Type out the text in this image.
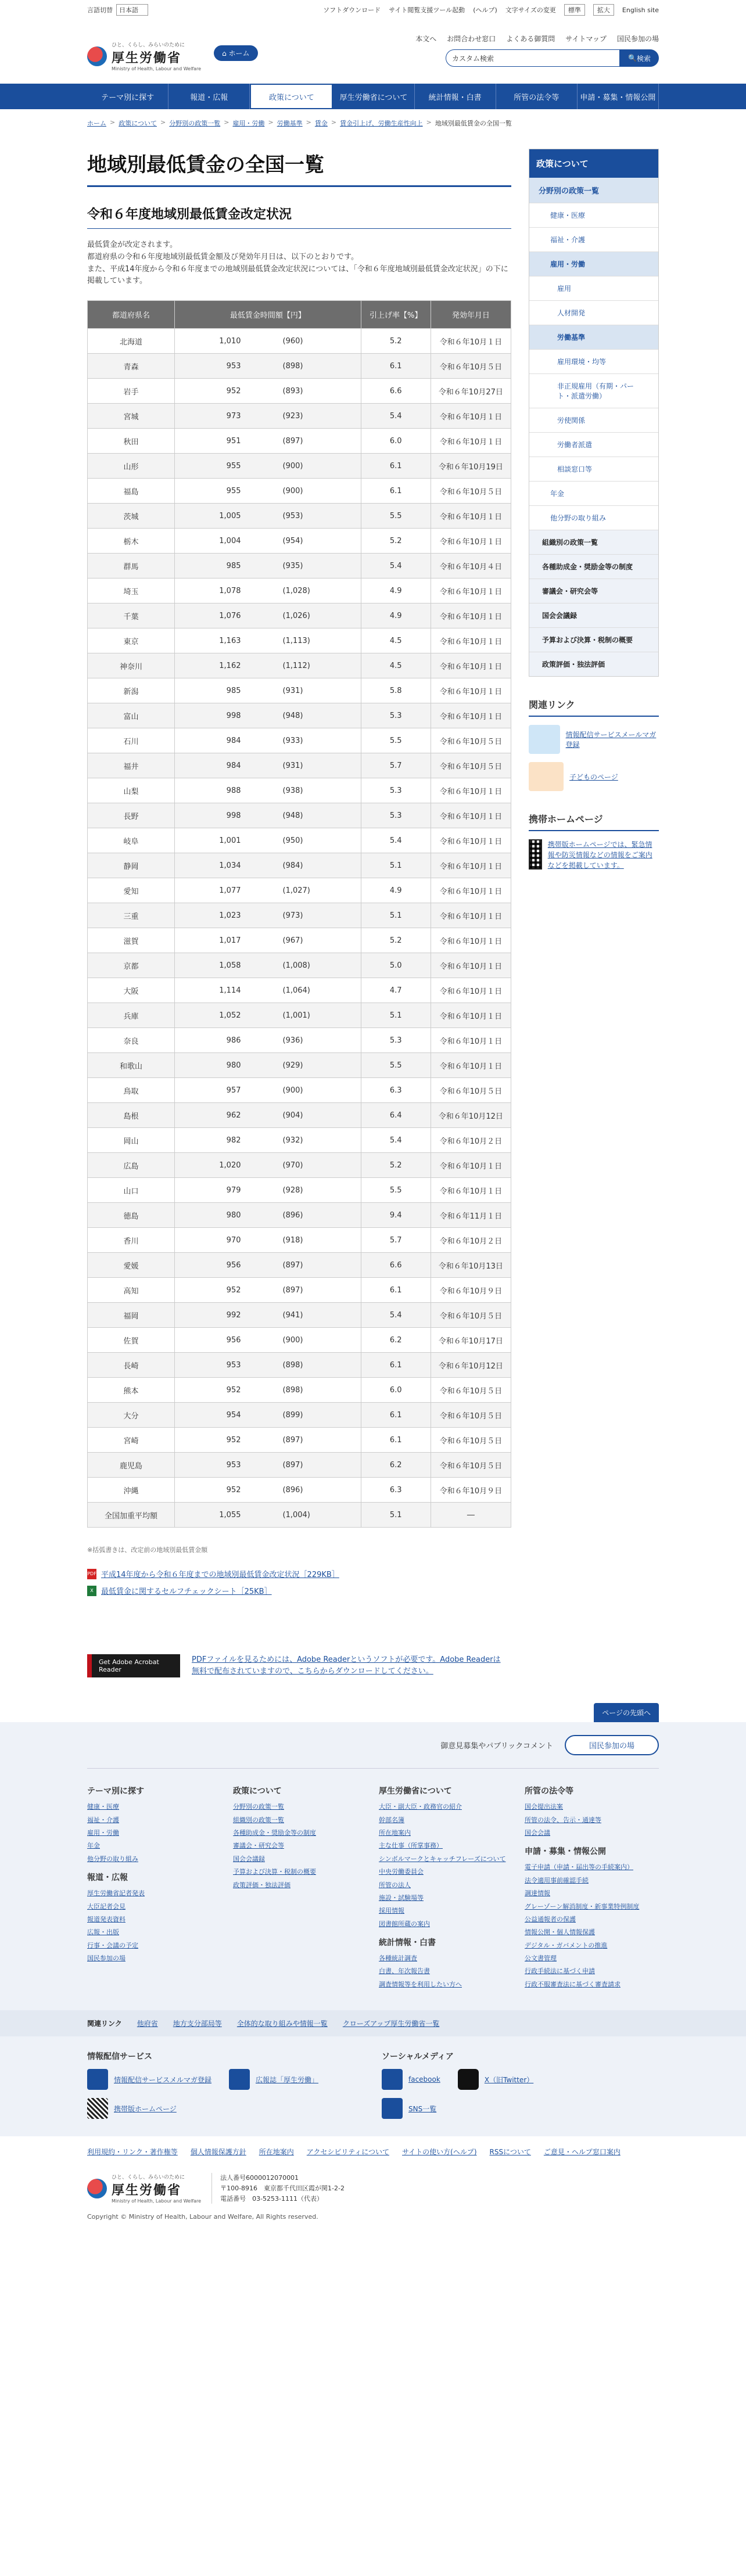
言語切替	日本語	ソフトダウンロード サイト閲覧支援ツール起動 (ヘルプ) 文字サイズの変更	標準	拡大	English site
ひと、くらし、みらいのために
厚生労働省
Ministry of Health, Labour and Welfare
⌂ ホーム
本文へ お問合わせ窓口 よくある御質問 サイトマップ 国民参加の場
カスタム検索	🔍 検索
テーマ別に探す	報道・広報	政策について	厚生労働省について	統計情報・白書	所管の法令等	申請・募集・情報公開
ホーム > 政策について > 分野別の政策一覧 > 雇用・労働 > 労働基準 > 賃金 > 賃金引上げ、労働生産性向上 > 地域別最低賃金の全国一覧
地域別最低賃金の全国一覧
令和６年度地域別最低賃金改定状況

最低賃金が改定されます。

都道府県の令和６年度地域別最低賃金額及び発効年月日は、以下のとおりです。

また、平成14年度から令和６年度までの地域別最低賃金改定状況については、「令和６年度地域別最低賃金改定状況」の下に掲載しています。

都道府県名	最低賃金時間額【円】		引上げ率【%】	発効年月日
北海道	1,010	(960)	5.2	令和６年10月１日
青森	953	(898)	6.1	令和６年10月５日
岩手	952	(893)	6.6	令和６年10月27日
宮城	973	(923)	5.4	令和６年10月１日
秋田	951	(897)	6.0	令和６年10月１日
山形	955	(900)	6.1	令和６年10月19日
福島	955	(900)	6.1	令和６年10月５日
茨城	1,005	(953)	5.5	令和６年10月１日
栃木	1,004	(954)	5.2	令和６年10月１日
群馬	985	(935)	5.4	令和６年10月４日
埼玉	1,078	(1,028)	4.9	令和６年10月１日
千葉	1,076	(1,026)	4.9	令和６年10月１日
東京	1,163	(1,113)	4.5	令和６年10月１日
神奈川	1,162	(1,112)	4.5	令和６年10月１日
新潟	985	(931)	5.8	令和６年10月１日
富山	998	(948)	5.3	令和６年10月１日
石川	984	(933)	5.5	令和６年10月５日
福井	984	(931)	5.7	令和６年10月５日
山梨	988	(938)	5.3	令和６年10月１日
長野	998	(948)	5.3	令和６年10月１日
岐阜	1,001	(950)	5.4	令和６年10月１日
静岡	1,034	(984)	5.1	令和６年10月１日
愛知	1,077	(1,027)	4.9	令和６年10月１日
三重	1,023	(973)	5.1	令和６年10月１日
滋賀	1,017	(967)	5.2	令和６年10月１日
京都	1,058	(1,008)	5.0	令和６年10月１日
大阪	1,114	(1,064)	4.7	令和６年10月１日
兵庫	1,052	(1,001)	5.1	令和６年10月１日
奈良	986	(936)	5.3	令和６年10月１日
和歌山	980	(929)	5.5	令和６年10月１日
鳥取	957	(900)	6.3	令和６年10月５日
島根	962	(904)	6.4	令和６年10月12日
岡山	982	(932)	5.4	令和６年10月２日
広島	1,020	(970)	5.2	令和６年10月１日
山口	979	(928)	5.5	令和６年10月１日
徳島	980	(896)	9.4	令和６年11月１日
香川	970	(918)	5.7	令和６年10月２日
愛媛	956	(897)	6.6	令和６年10月13日
高知	952	(897)	6.1	令和６年10月９日
福岡	992	(941)	5.4	令和６年10月５日
佐賀	956	(900)	6.2	令和６年10月17日
長崎	953	(898)	6.1	令和６年10月12日
熊本	952	(898)	6.0	令和６年10月５日
大分	954	(899)	6.1	令和６年10月５日
宮崎	952	(897)	6.1	令和６年10月５日
鹿児島	953	(897)	6.2	令和６年10月５日
沖縄	952	(896)	6.3	令和６年10月９日
全国加重平均額	1,055	(1,004)	5.1	―

※括弧書きは、改定前の地域別最低賃金額

PDF 平成14年度から令和６年度までの地域別最低賃金改定状況［229KB］
X	最低賃金に関するセルフチェックシート［25KB］
Get Adobe Acrobat Reader
PDFファイルを見るためには、Adobe Readerというソフトが必要です。Adobe Readerは無料で配布されていますので、こちらからダウンロードしてください。
政策について
分野別の政策一覧
健康・医療
福祉・介護
雇用・労働
雇用
人材開発
労働基準
雇用環境・均等
非正規雇用（有期・パート・派遣労働）
労使関係
労働者派遣
相談窓口等
年金
他分野の取り組み
組織別の政策一覧
各種助成金・奨励金等の制度
審議会・研究会等
国会会議録
予算および決算・税制の概要
政策評価・独法評価
関連リンク
情報配信サービスメールマガ登録
子どものページ
携帯ホームページ
携帯版ホームページでは、緊急情報や防災情報などの情報をご案内などを掲載しています。
ページの先頭へ
御意見募集やパブリックコメント	国民参加の場
テーマ別に探す
健康・医療
福祉・介護
雇用・労働
年金
他分野の取り組み
報道・広報
厚生労働省記者発表
大臣記者会見
報道発表資料
広報・出版
行事・会議の予定
国民参加の場
政策について
分野別の政策一覧
組織別の政策一覧
各種助成金・奨励金等の制度
審議会・研究会等
国会会議録
予算および決算・税制の概要
政策評価・独法評価
厚生労働省について
大臣・副大臣・政務官の紹介
幹部名簿
所在地案内
主な仕事（所掌事務）
シンボルマークとキャッチフレーズについて
中央労働委員会
所管の法人
施設・試験場等
採用情報
図書館所蔵の案内
統計情報・白書
各種統計調査
白書、年次報告書
調査情報等を利用したい方へ
所管の法令等
国会提出法案
所管の法令、告示・通達等
国会会議
申請・募集・情報公開
電子申請（申請・届出等の手続案内）
法令適用事前確認手続
調達情報
グレーゾーン解消制度・新事業特例制度
公益通報者の保護
情報公開・個人情報保護
デジタル・ガバメントの推進
公文書管理
行政手続法に基づく申請
行政不服審査法に基づく審査請求
関連リンク 他府省 地方支分部局等 全体的な取り組みや情報一覧 クローズアップ厚生労働省一覧
情報配信サービス
情報配信サービスメルマガ登録	広報誌「厚生労働」
携帯版ホームページ
ソーシャルメディア
facebook	X（旧Twitter）
SNS一覧
利用規約・リンク・著作権等 個人情報保護方針 所在地案内 アクセシビリティについて サイトの使い方(ヘルプ) RSSについて ご意見・ヘルプ窓口案内
ひと、くらし、みらいのために
厚生労働省
Ministry of Health, Labour and Welfare
法人番号6000012070001
〒100-8916　東京都千代田区霞が関1-2-2
電話番号　03-5253-1111（代表）
Copyright © Ministry of Health, Labour and Welfare, All Rights reserved.
